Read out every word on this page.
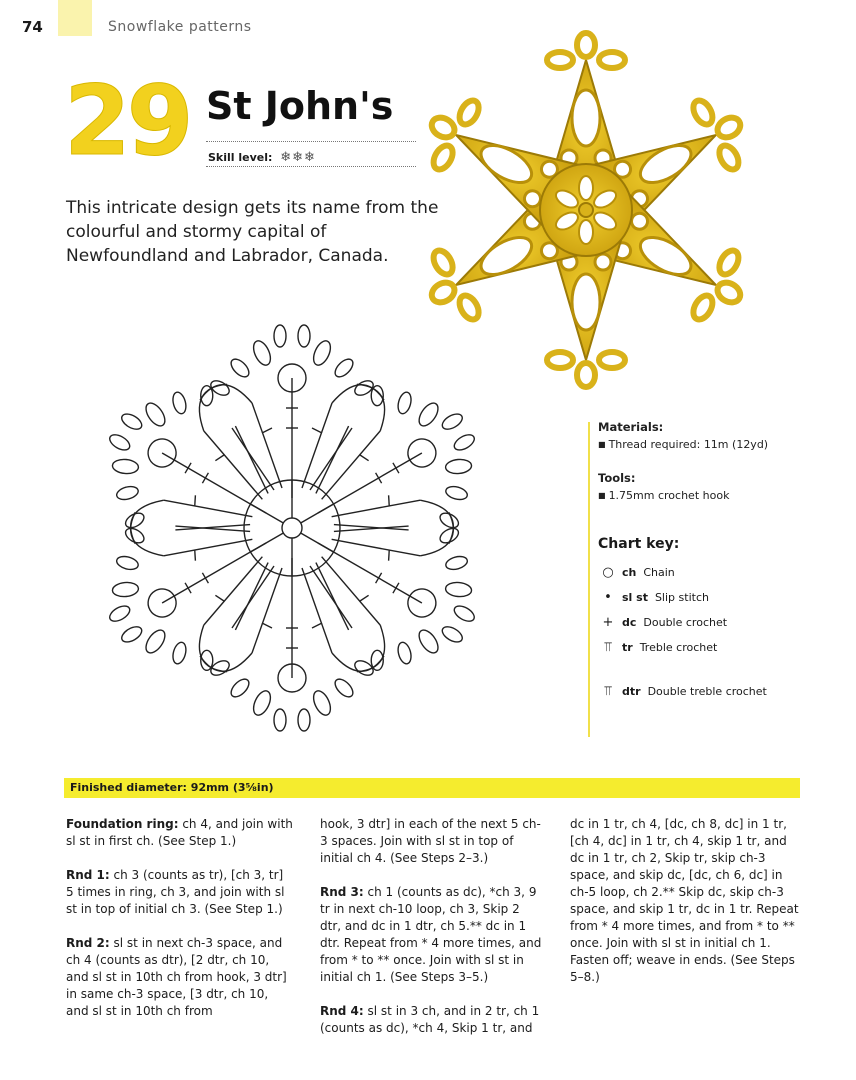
74	Snowflake patterns
29 St John's
Skill level: ❄❄❄
This intricate design gets its name from the colourful and stormy capital of Newfoundland and Labrador, Canada.
Materials:
■ Thread required: 11m (12yd)
Tools:
■ 1.75mm crochet hook
Chart key:
○ ch Chain
• sl st Slip stitch
+ dc Double crochet
⫪ tr Treble crochet
⫪ dtr Double treble crochet
Finished diameter: 92mm (3⅝in)

Foundation ring: ch 4, and join with sl st in first ch. (See Step 1.)

Rnd 1: ch 3 (counts as tr), [ch 3, tr] 5 times in ring, ch 3, and join with sl st in top of initial ch 3. (See Step 1.)

Rnd 2: sl st in next ch-3 space, and ch 4 (counts as dtr), [2 dtr, ch 10, and sl st in 10th ch from hook, 3 dtr] in same ch-3 space, [3 dtr, ch 10, and sl st in 10th ch from

hook, 3 dtr] in each of the next 5 ch-3 spaces. Join with sl st in top of initial ch 4. (See Steps 2–3.)

Rnd 3: ch 1 (counts as dc), *ch 3, 9 tr in next ch-10 loop, ch 3, Skip 2 dtr, and dc in 1 dtr, ch 5.** dc in 1 dtr. Repeat from * 4 more times, and from * to ** once. Join with sl st in initial ch 1. (See Steps 3–5.)

Rnd 4: sl st in 3 ch, and in 2 tr, ch 1 (counts as dc), *ch 4, Skip 1 tr, and

dc in 1 tr, ch 4, [dc, ch 8, dc] in 1 tr, [ch 4, dc] in 1 tr, ch 4, skip 1 tr, and dc in 1 tr, ch 2, Skip tr, skip ch-3 space, and skip dc, [dc, ch 6, dc] in ch-5 loop, ch 2.** Skip dc, skip ch-3 space, and skip 1 tr, dc in 1 tr. Repeat from * 4 more times, and from * to ** once. Join with sl st in initial ch 1. Fasten off; weave in ends. (See Steps 5–8.)
